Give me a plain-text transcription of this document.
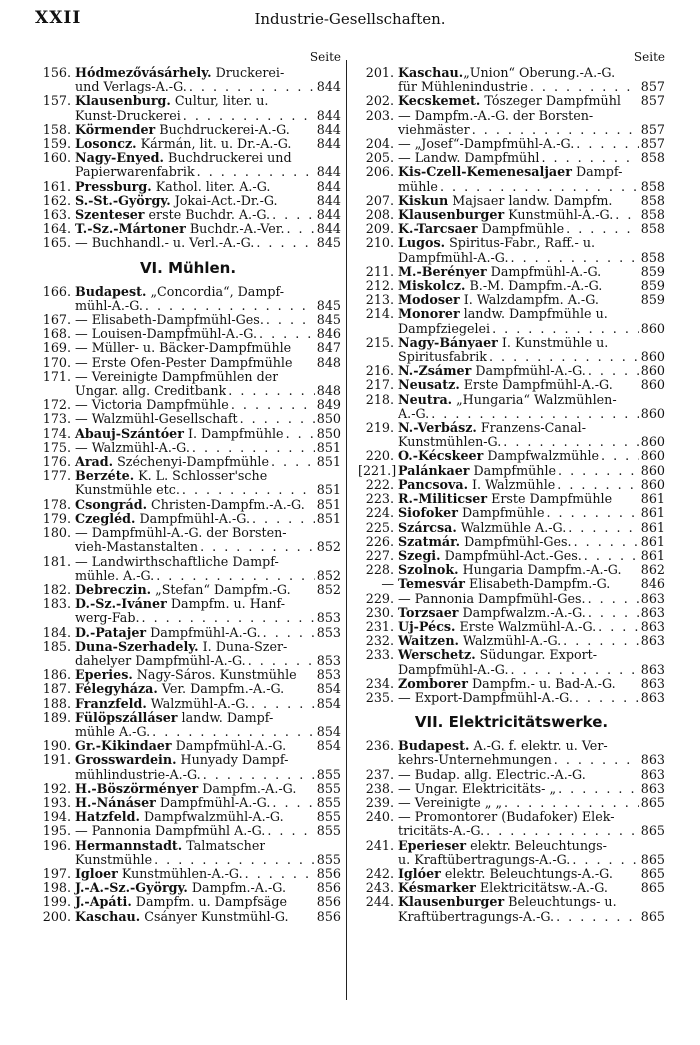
XXII	Industrie-Gesellschaften.
Seite
156. Hódmezővásárhely. Druckerei-
und Verlags-A.-G. . . .	844
157. Klausenburg. Cultur, liter. u.
Kunst-Druckerei . . .	844
158. Körmender Buchdruckerei-A.-G. 844
159. Losoncz. Kármán, lit. u. Dr.-A.-G. 844
160. Nagy-Enyed. Buchdruckerei und
Papierwarenfabrik . . .	844
161. Pressburg. Kathol. liter. A.-G.	844
162. S.-St.-György. Jokai-Act.-Dr.-G.	844
163. Szenteser erste Buchdr. A.-G. . . .	844
164. T.-Sz.-Mártoner Buchdr.-A.-Ver. . . .	844
165. — Buchhandl.- u. Verl.-A.-G. . . .	845
VI. Mühlen.
166. Budapest. „Concordia“, Dampf-
mühl-A.-G. . . .	845
167. — Elisabeth-Dampfmühl-Ges. . . .	845
168. — Louisen-Dampfmühl-A.-G. . . .	846
169. — Müller- u. Bäcker-Dampfmühle 847
170. — Erste Ofen-Pester Dampfmühle 848
171. — Vereinigte Dampfmühlen der
Ungar. allg. Creditbank . . .	848
172. — Victoria Dampfmühle . . .	849
173. — Walzmühl-Gesellschaft . . .	850
174. Abauj-Szántóer I. Dampfmühle . . .	850
175. — Walzmühl-A.-G. . . .	851
176. Arad. Széchenyi-Dampfmühle . . .	851
177. Berzéte. K. L. Schlosser'sche
Kunstmühle etc. . . .	851
178. Csongrád. Christen-Dampfm.-A.-G. 851
179. Czegléd. Dampfmühl-A.-G. . . .	851
180. — Dampfmühl-A.-G. der Borsten-
vieh-Mastanstalten . . .	852
181. — Landwirthschaftliche Dampf-
mühle. A.-G. . . .	852
182. Debreczin. „Stefan“ Dampfm.-G. 852
183. D.-Sz.-Iváner Dampfm. u. Hanf-
werg-Fab. . . .	853
184. D.-Patajer Dampfmühl-A.-G. . . .	853
185. Duna-Szerhadely. I. Duna-Szer-
dahelyer Dampfmühl-A.-G. . . .	853
186. Eperies. Nagy-Sáros. Kunstmühle 853
187. Félegyháza. Ver. Dampfm.-A.-G.	854
188. Franzfeld. Walzmühl-A.-G. . . .	854
189. Fülöpszálláser landw. Dampf-
mühle A.-G. . . .	854
190. Gr.-Kikindaer Dampfmühl-A.-G. 854
191. Grosswardein. Hunyady Dampf-
mühlindustrie-A.-G. . . .	855
192. H.-Böszörményer Dampfm.-A.-G. 855
193. H.-Nánáser Dampfmühl-A.-G. . . .	855
194. Hatzfeld. Dampfwalzmühl-A.-G.	855
195. — Pannonia Dampfmühl A.-G. . . .	855
196. Hermannstadt. Talmatscher
Kunstmühle . . .	855
197. Igloer Kunstmühlen-A.-G. . . .	856
198. J.-A.-Sz.-György. Dampfm.-A.-G. 856
199. J.-Apáti. Dampfm. u. Dampfsäge 856
200. Kaschau. Csányer Kunstmühl-G. 856
Seite
201. Kaschau.„Union“ Oberung.-A.-G.
für Mühlenindustrie . . .	857
202. Kecskemet. Tószeger Dampfmühl 857
203. — Dampfm.-A.-G. der Borsten-
viehmäster . . .	857
204. — „Josef“-Dampfmühl-A.-G. . . .	857
205. — Landw. Dampfmühl . . .	858
206. Kis-Czell-Kemenesaljaer Dampf-
mühle . . .	858
207. Kiskun Majsaer landw. Dampfm. 858
208. Klausenburger Kunstmühl-A.-G. . . . 858
209. K.-Tarcsaer Dampfmühle . . .	858
210. Lugos. Spiritus-Fabr., Raff.- u.
Dampfmühl-A.-G. . . .	858
211. M.-Berényer Dampfmühl-A.-G.	859
212. Miskolcz. B.-M. Dampfm.-A.-G.	859
213. Modoser I. Walzdampfm. A.-G.	859
214. Monorer landw. Dampfmühle u.
Dampfziegelei . . .	860
215. Nagy-Bányaer I. Kunstmühle u.
Spiritusfabrik . . .	860
216. N.-Zsámer Dampfmühl-A.-G. . . .	860
217. Neusatz. Erste Dampfmühl-A.-G. 860
218. Neutra. „Hungaria“ Walzmühlen-
A.-G. . . .	860
219. N.-Verbász. Franzens-Canal-
Kunstmühlen-G. . . .	860
220. O.-Kécskeer Dampfwalzmühle . . .	860
[221.] Palánkaer Dampfmühle . . .	860
222. Pancsova. I. Walzmühle . . .	860
223. R.-Militicser Erste Dampfmühle 861
224. Siofoker Dampfmühle . . .	861
225. Szárcsa. Walzmühle A.-G. . . .	861
226. Szatmár. Dampfmühl-Ges. . . .	861
227. Szegi. Dampfmühl-Act.-Ges. . . .	861
228. Szolnok. Hungaria Dampfm.-A.-G. 862
— Temesvár Elisabeth-Dampfm.-G. 846
229. — Pannonia Dampfmühl-Ges. . . .	863
230. Torzsaer Dampfwalzm.-A.-G. . . .	863
231. Uj-Pécs. Erste Walzmühl-A.-G. . . .	863
232. Waitzen. Walzmühl-A.-G. . . .	863
233. Werschetz. Südungar. Export-
Dampfmühl-A.-G. . . .	863
234. Zomborer Dampfm.- u. Bad-A.-G. 863
235. — Export-Dampfmühl-A.-G. . . .	863
VII. Elektricitätswerke.
236. Budapest. A.-G. f. elektr. u. Ver-
kehrs-Unternehmungen . . .	863
237. — Budap. allg. Electric.-A.-G.	863
238. — Ungar. Elektricitäts- „ . . .	863
239. — Vereinigte „ „ . . .	865
240. — Promontorer (Budafoker) Elek-
tricitäts-A.-G. . . .	865
241. Eperieser elektr. Beleuchtungs-
u. Kraftübertragungs-A.-G. . . .	865
242. Iglóer elektr. Beleuchtungs-A.-G. 865
243. Késmarker Elektricitätsw.-A.-G.	865
244. Klausenburger Beleuchtungs- u.
Kraftübertragungs-A.-G. . . .	865
